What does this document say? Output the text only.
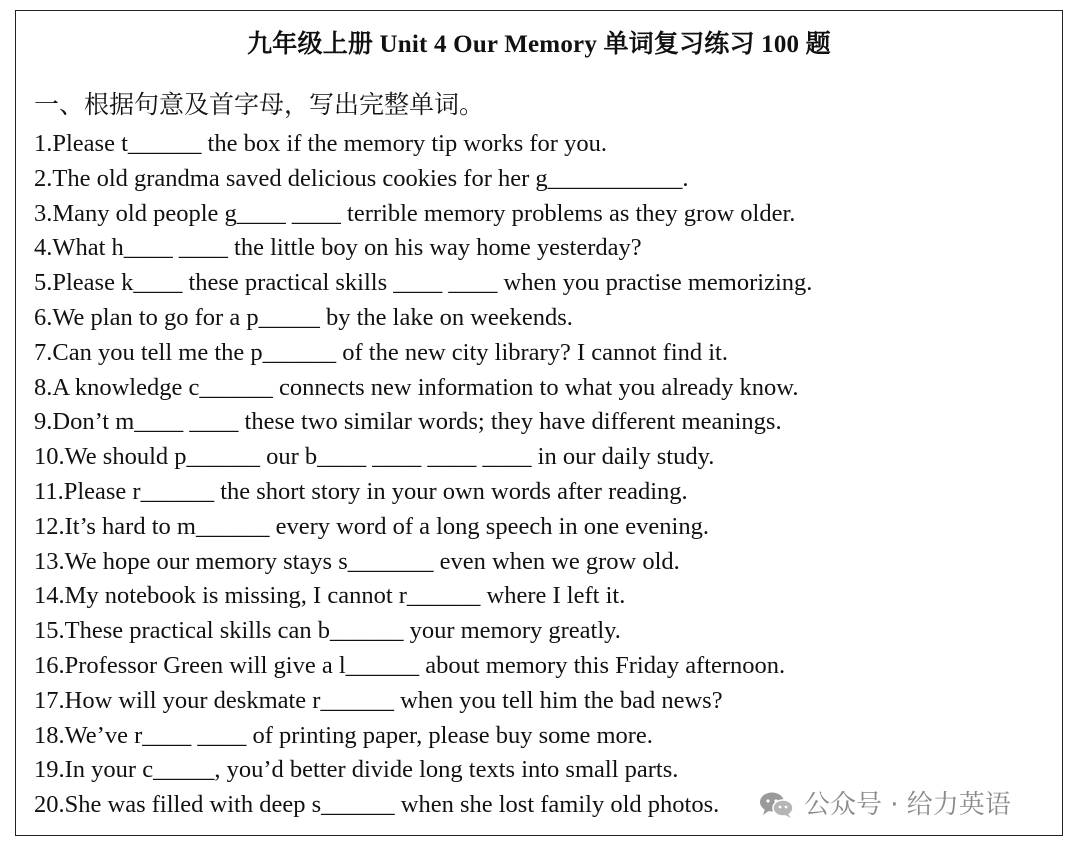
九年级上册 Unit 4 Our Memory 单词复习练习 100 题
一、根据句意及首字母，写出完整单词。
1.Please t______ the box if the memory tip works for you.
2.The old grandma saved delicious cookies for her g___________.
3.Many old people g____ ____ terrible memory problems as they grow older.
4.What h____ ____ the little boy on his way home yesterday?
5.Please k____ these practical skills ____ ____ when you practise memorizing.
6.We plan to go for a p_____ by the lake on weekends.
7.Can you tell me the p______ of the new city library? I cannot find it.
8.A knowledge c______ connects new information to what you already know.
9.Don’t m____ ____ these two similar words; they have different meanings.
10.We should p______ our b____ ____ ____ ____ in our daily study.
11.Please r______ the short story in your own words after reading.
12.It’s hard to m______ every word of a long speech in one evening.
13.We hope our memory stays s_______ even when we grow old.
14.My notebook is missing, I cannot r______ where I left it.
15.These practical skills can b______ your memory greatly.
16.Professor Green will give a l______ about memory this Friday afternoon.
17.How will your deskmate r______ when you tell him the bad news?
18.We’ve r____ ____ of printing paper, please buy some more.
19.In your c_____, you’d better divide long texts into small parts.
20.She was filled with deep s______ when she lost family old photos.	公众号 · 给力英语
